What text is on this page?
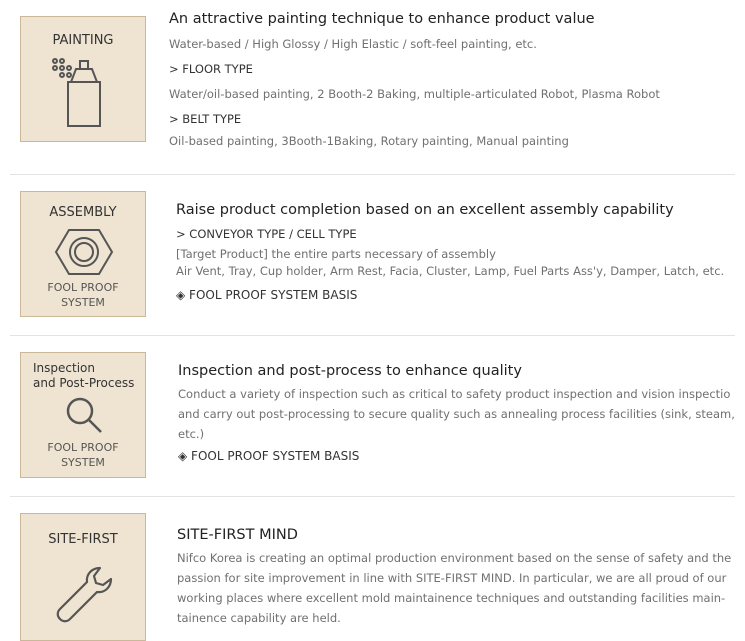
PAINTING
An attractive painting technique to enhance product value
Water-based / High Glossy / High Elastic / soft-feel painting, etc.
> FLOOR TYPE
Water/oil-based painting, 2 Booth-2 Baking, multiple-articulated Robot, Plasma Robot
> BELT TYPE
Oil-based painting, 3Booth-1Baking, Rotary painting, Manual painting
ASSEMBLY
FOOL PROOF
SYSTEM
Raise product completion based on an excellent assembly capability
> CONVEYOR TYPE / CELL TYPE
[Target Product] the entire parts necessary of assembly
Air Vent, Tray, Cup holder, Arm Rest, Facia, Cluster, Lamp, Fuel Parts Ass'y, Damper, Latch, etc.
◈ FOOL PROOF SYSTEM BASIS
Inspection
and Post-Process
FOOL PROOF
SYSTEM
Inspection and post-process to enhance quality
Conduct a variety of inspection such as critical to safety product inspection and vision inspectio
and carry out post-processing to secure quality such as annealing process facilities (sink, steam,
etc.)
◈ FOOL PROOF SYSTEM BASIS
SITE-FIRST	SITE-FIRST MIND
Nifco Korea is creating an optimal production environment based on the sense of safety and the
passion for site improvement in line with SITE-FIRST MIND. In particular, we are all proud of our
working places where excellent mold maintainence techniques and outstanding facilities main-
tainence capability are held.
